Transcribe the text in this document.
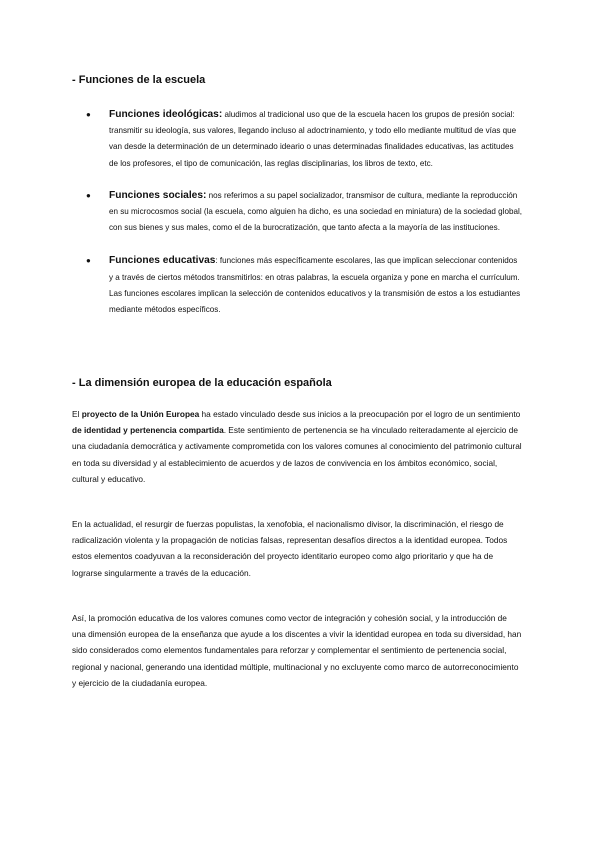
- Funciones de la escuela
● Funciones ideológicas: aludimos al tradicional uso que de la escuela hacen los grupos de presión social: transmitir su ideología, sus valores, llegando incluso al adoctrinamiento, y todo ello mediante multitud de vías que van desde la determinación de un determinado ideario o unas determinadas finalidades educativas, las actitudes de los profesores, el tipo de comunicación, las reglas disciplinarias, los libros de texto, etc.
● Funciones sociales: nos referimos a su papel socializador, transmisor de cultura, mediante la reproducción en su microcosmos social (la escuela, como alguien ha dicho, es una sociedad en miniatura) de la sociedad global, con sus bienes y sus males, como el de la burocratización, que tanto afecta a la mayoría de las instituciones.
● Funciones educativas: funciones más específicamente escolares, las que implican seleccionar contenidos y a través de ciertos métodos transmitirlos: en otras palabras, la escuela organiza y pone en marcha el currículum.
Las funciones escolares implican la selección de contenidos educativos y la transmisión de estos a los estudiantes mediante métodos específicos.
- La dimensión europea de la educación española

El proyecto de la Unión Europea ha estado vinculado desde sus inicios a la preocupación por el logro de un sentimiento de identidad y pertenencia compartida. Este sentimiento de pertenencia se ha vinculado reiteradamente al ejercicio de una ciudadanía democrática y activamente comprometida con los valores comunes al conocimiento del patrimonio cultural en toda su diversidad y al establecimiento de acuerdos y de lazos de convivencia en los ámbitos económico, social, cultural y educativo.

En la actualidad, el resurgir de fuerzas populistas, la xenofobia, el nacionalismo divisor, la discriminación, el riesgo de radicalización violenta y la propagación de noticias falsas, representan desafíos directos a la identidad europea. Todos estos elementos coadyuvan a la reconsideración del proyecto identitario europeo como algo prioritario y que ha de lograrse singularmente a través de la educación.

Así, la promoción educativa de los valores comunes como vector de integración y cohesión social, y la introducción de una dimensión europea de la enseñanza que ayude a los discentes a vivir la identidad europea en toda su diversidad, han sido considerados como elementos fundamentales para reforzar y complementar el sentimiento de pertenencia social, regional y nacional, generando una identidad múltiple, multinacional y no excluyente como marco de autorreconocimiento y ejercicio de la ciudadanía europea.
